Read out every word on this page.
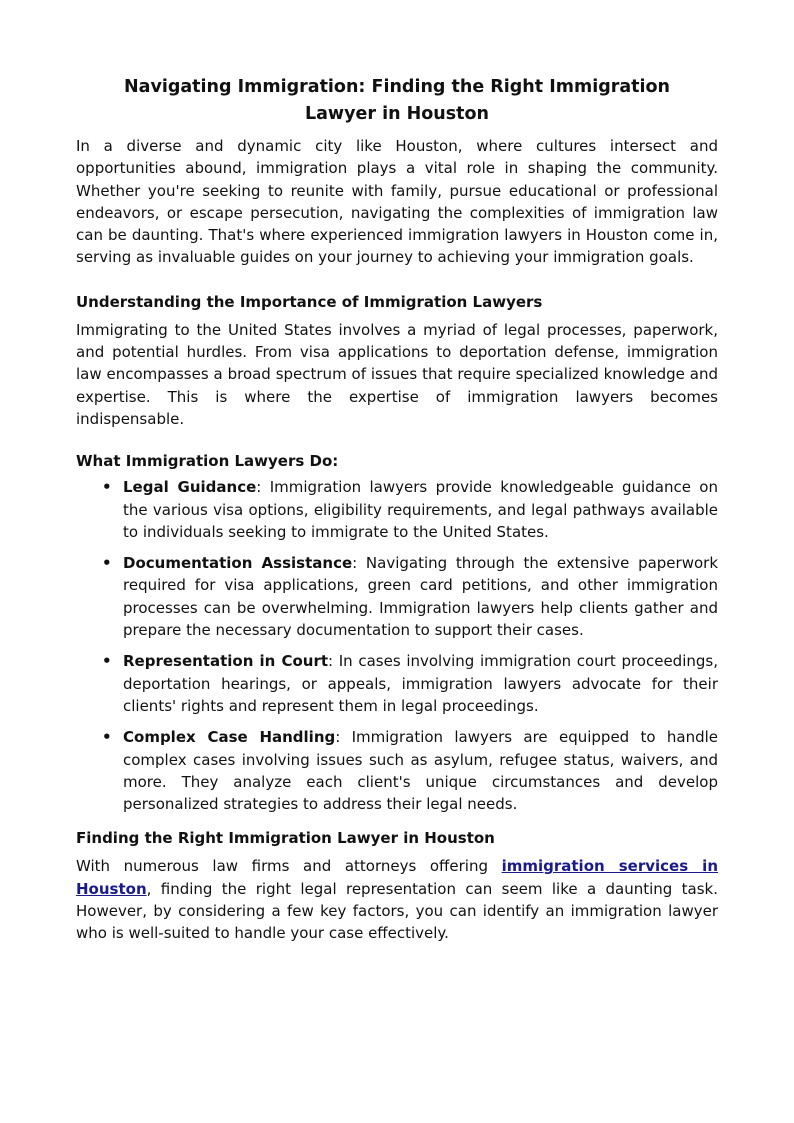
Navigating Immigration: Finding the Right Immigration Lawyer in Houston

In a diverse and dynamic city like Houston, where cultures intersect and opportunities abound, immigration plays a vital role in shaping the community. Whether you're seeking to reunite with family, pursue educational or professional endeavors, or escape persecution, navigating the complexities of immigration law can be daunting. That's where experienced immigration lawyers in Houston come in, serving as invaluable guides on your journey to achieving your immigration goals.

Understanding the Importance of Immigration Lawyers

Immigrating to the United States involves a myriad of legal processes, paperwork, and potential hurdles. From visa applications to deportation defense, immigration law encompasses a broad spectrum of issues that require specialized knowledge and expertise. This is where the expertise of immigration lawyers becomes indispensable.

What Immigration Lawyers Do:
• Legal Guidance: Immigration lawyers provide knowledgeable guidance on the various visa options, eligibility requirements, and legal pathways available to individuals seeking to immigrate to the United States.
• Documentation Assistance: Navigating through the extensive paperwork required for visa applications, green card petitions, and other immigration processes can be overwhelming. Immigration lawyers help clients gather and prepare the necessary documentation to support their cases.
• Representation in Court: In cases involving immigration court proceedings, deportation hearings, or appeals, immigration lawyers advocate for their clients' rights and represent them in legal proceedings.
• Complex Case Handling: Immigration lawyers are equipped to handle complex cases involving issues such as asylum, refugee status, waivers, and more. They analyze each client's unique circumstances and develop personalized strategies to address their legal needs.
Finding the Right Immigration Lawyer in Houston

With numerous law firms and attorneys offering immigration services in Houston, finding the right legal representation can seem like a daunting task. However, by considering a few key factors, you can identify an immigration lawyer who is well-suited to handle your case effectively.
